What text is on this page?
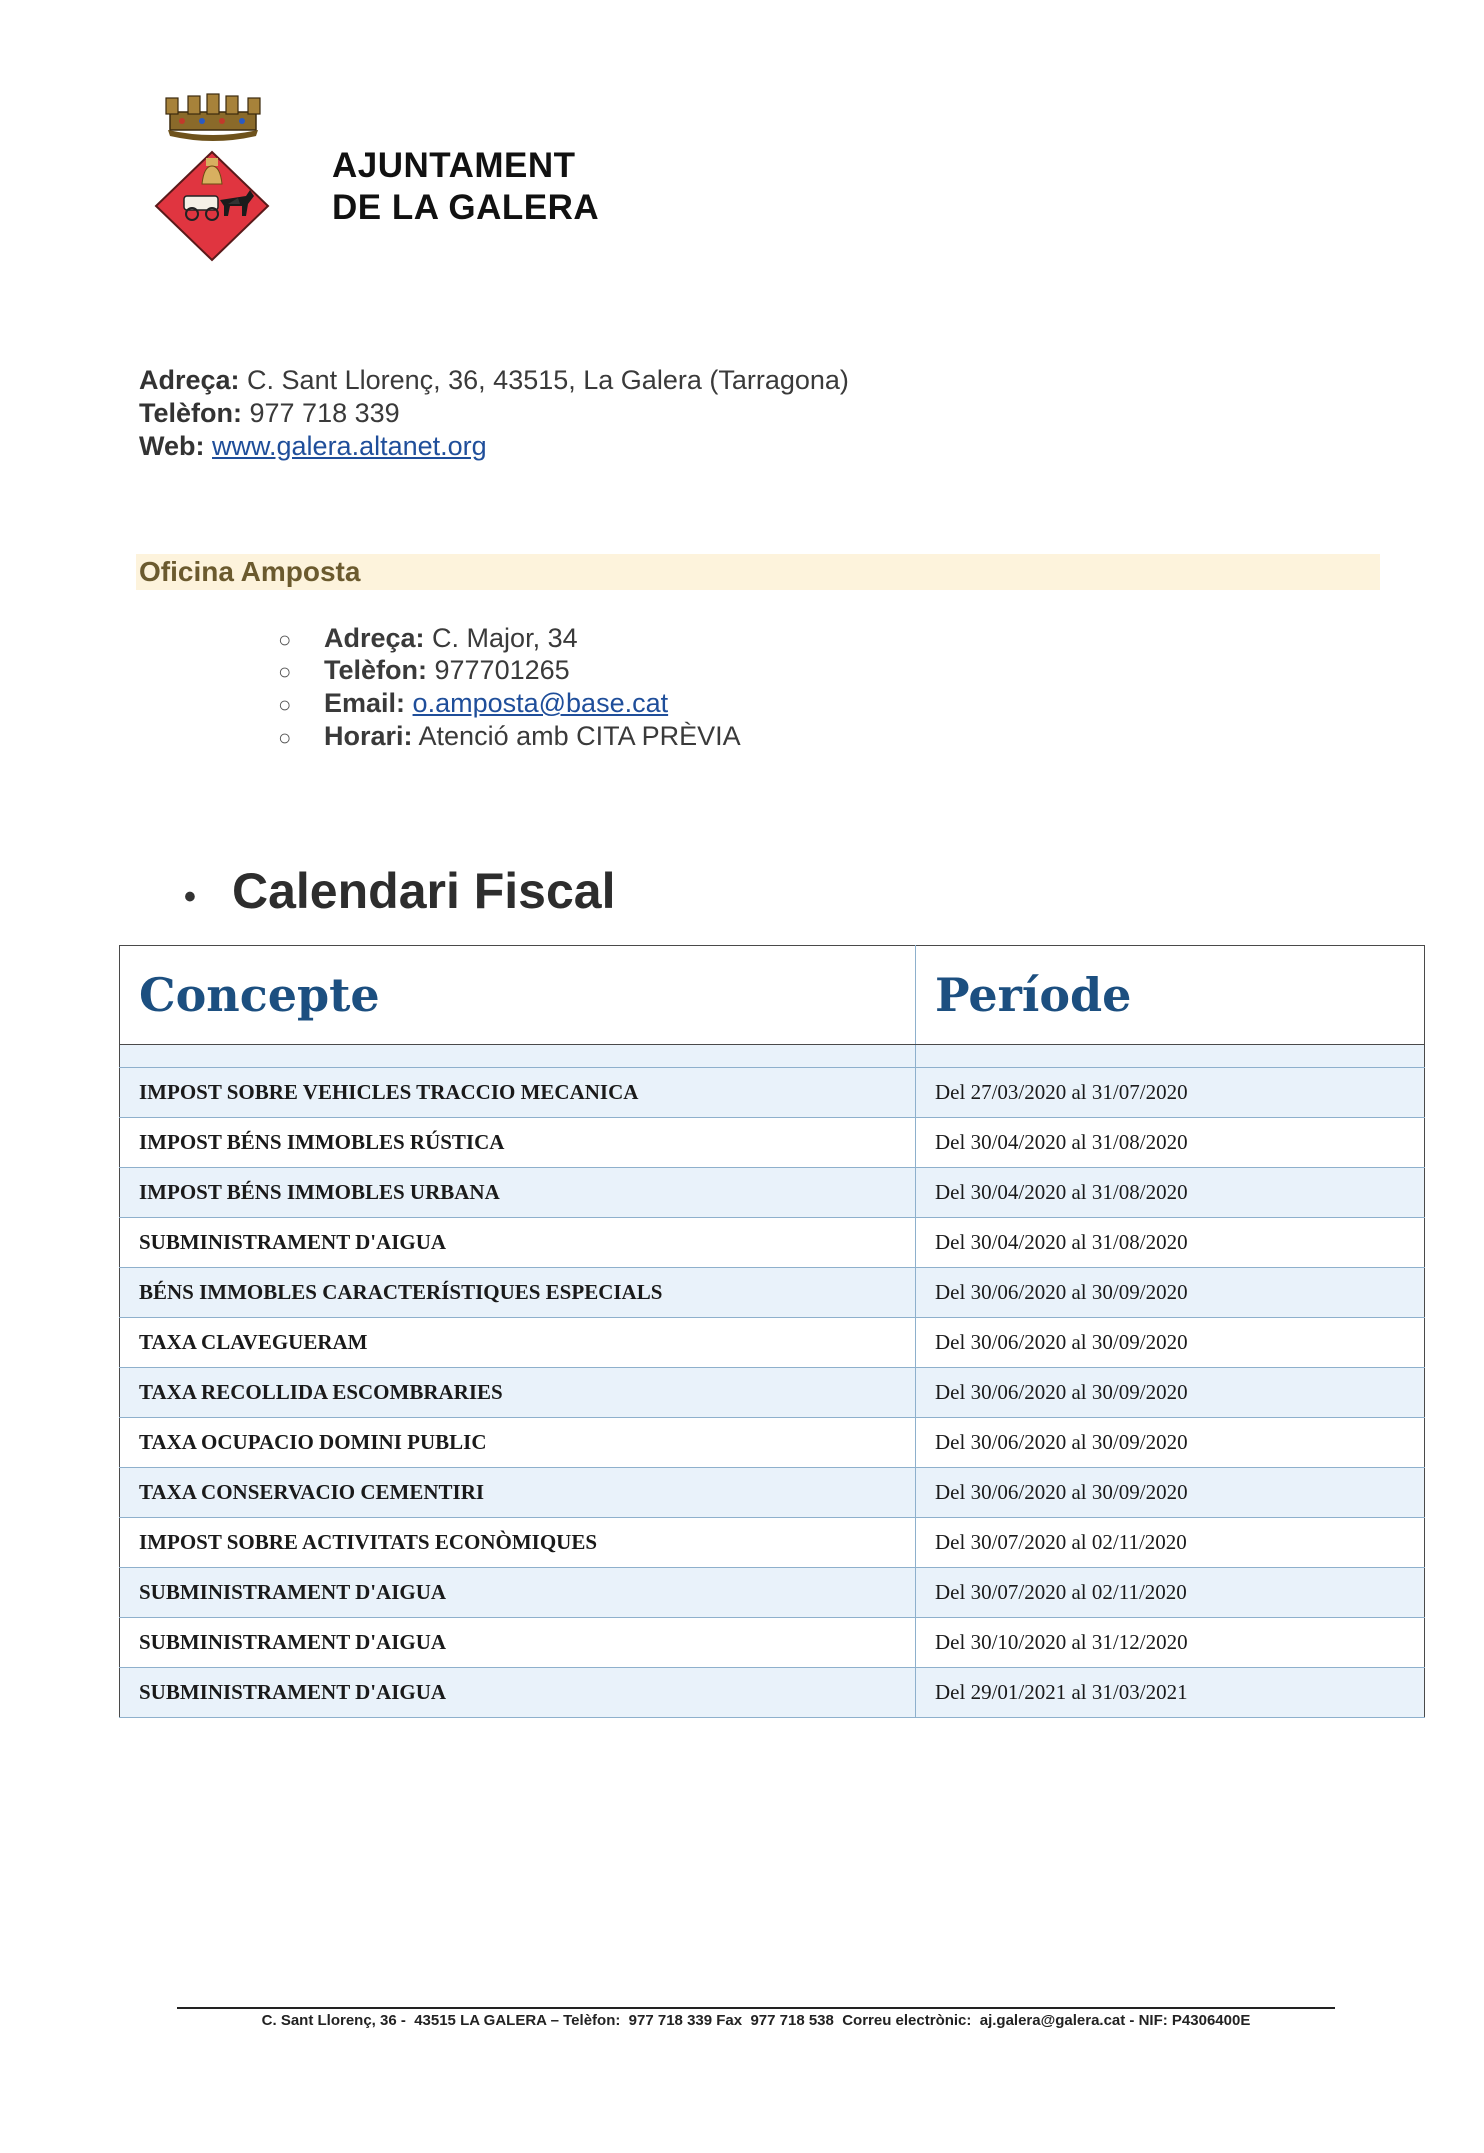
AJUNTAMENT
DE LA GALERA
Adreça: C. Sant Llorenç, 36, 43515, La Galera (Tarragona)
Telèfon: 977 718 339
Web: www.galera.altanet.org
Oficina Amposta
○ Adreça: C. Major, 34
○ Telèfon: 977701265
○ Email: o.amposta@base.cat
○ Horari: Atenció amb CITA PRÈVIA
• Calendari Fiscal
Concepte	Període

IMPOST SOBRE VEHICLES TRACCIO MECANICA	Del 27/03/2020 al 31/07/2020
IMPOST BÉNS IMMOBLES RÚSTICA	Del 30/04/2020 al 31/08/2020
IMPOST BÉNS IMMOBLES URBANA	Del 30/04/2020 al 31/08/2020
SUBMINISTRAMENT D'AIGUA	Del 30/04/2020 al 31/08/2020
BÉNS IMMOBLES CARACTERÍSTIQUES ESPECIALS	Del 30/06/2020 al 30/09/2020
TAXA CLAVEGUERAM	Del 30/06/2020 al 30/09/2020
TAXA RECOLLIDA ESCOMBRARIES	Del 30/06/2020 al 30/09/2020
TAXA OCUPACIO DOMINI PUBLIC	Del 30/06/2020 al 30/09/2020
TAXA CONSERVACIO CEMENTIRI	Del 30/06/2020 al 30/09/2020
IMPOST SOBRE ACTIVITATS ECONÒMIQUES	Del 30/07/2020 al 02/11/2020
SUBMINISTRAMENT D'AIGUA	Del 30/07/2020 al 02/11/2020
SUBMINISTRAMENT D'AIGUA	Del 30/10/2020 al 31/12/2020
SUBMINISTRAMENT D'AIGUA	Del 29/01/2021 al 31/03/2021
C. Sant Llorenç, 36 -  43515 LA GALERA – Telèfon:  977 718 339 Fax  977 718 538  Correu electrònic:  aj.galera@galera.cat - NIF: P4306400E
